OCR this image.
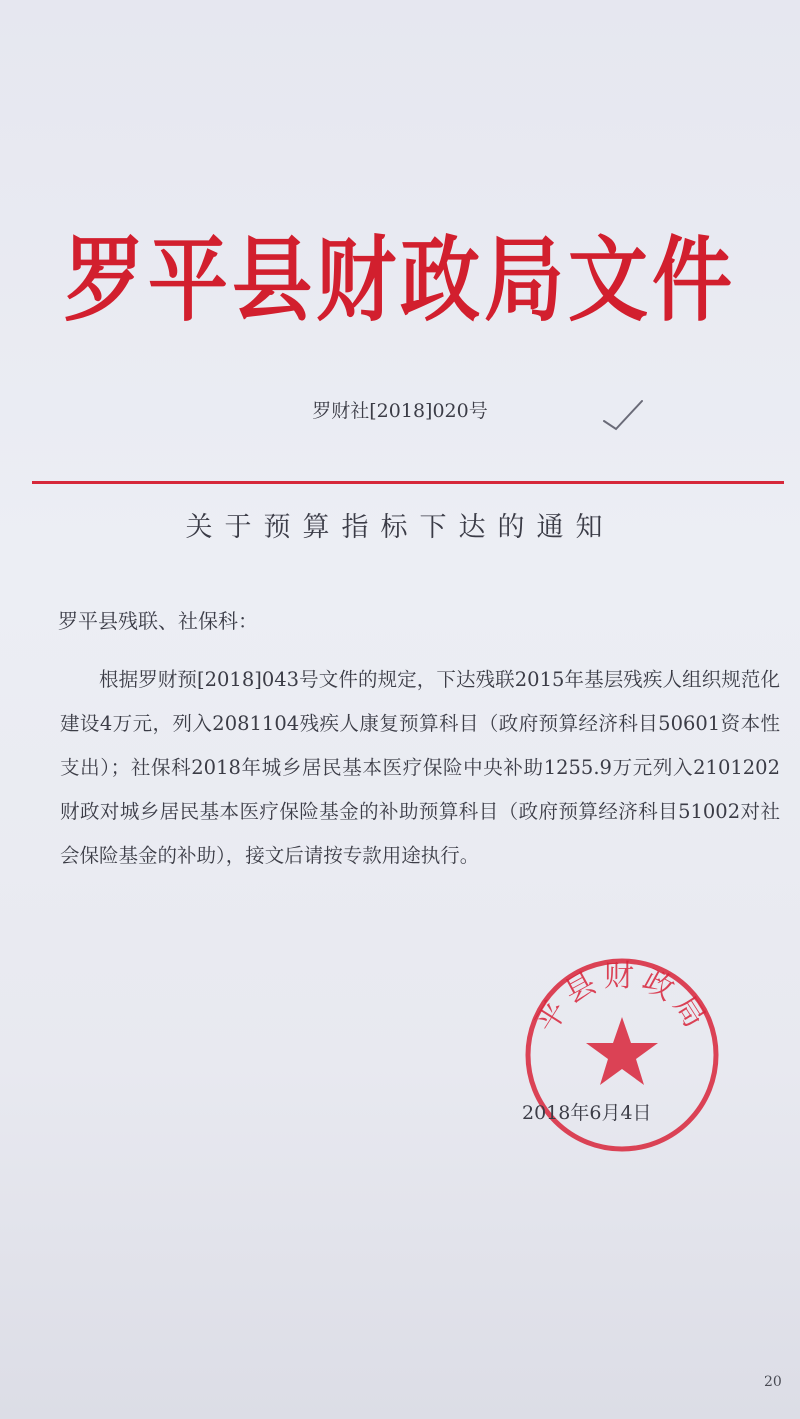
罗平县财政局文件
罗财社[2018]020号
关于预算指标下达的通知
罗平县残联、社保科：

根据罗财预[2018]043号文件的规定，下达残联2015年基层残疾人组织规范化建设4万元，列入2081104残疾人康复预算科目（政府预算经济科目50601资本性支出）；社保科2018年城乡居民基本医疗保险中央补助1255.9万元列入2101202财政对城乡居民基本医疗保险基金的补助预算科目（政府预算经济科目51002对社会保险基金的补助），接文后请按专款用途执行。

平县财政局
2018年6月4日
20
